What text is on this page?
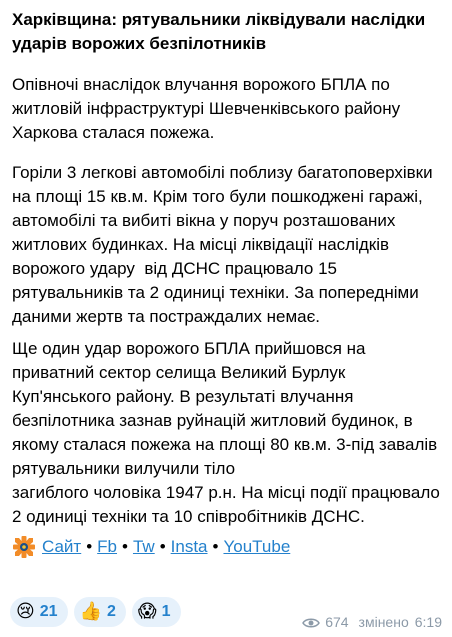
Харківщина: рятувальники ліквідували наслідки
ударів ворожих безпілотників

Опівночі внаслідок влучання ворожого БПЛА по
житловій інфраструктурі Шевченківського району
Харкова сталася пожежа.

Горіли 3 легкові автомобілі поблизу багатоповерхівки
на площі 15 кв.м. Крім того були пошкоджені гаражі,
автомобілі та вибиті вікна у поруч розташованих
житлових будинках. На місці ліквідації наслідків
ворожого удару  від ДСНС працювало 15
рятувальників та 2 одиниці техніки. За попередніми
даними жертв та постраждалих немає.

Ще один удар ворожого БПЛА прийшовся на
приватний сектор селища Великий Бурлук
Куп'янського району. В результаті влучання
безпілотника зазнав руйнацій житловий будинок, в
якому сталася пожежа на площі 80 кв.м. 3-під завалів
рятувальники вилучили тіло
загиблого чоловіка 1947 р.н. На місці події працювало
2 одиниці техніки та 10 співробітників ДСНС.

Сайт • Fb • Tw • Insta • YouTube
😢 21 👍 2 😱 1
674 змінено 6:19
